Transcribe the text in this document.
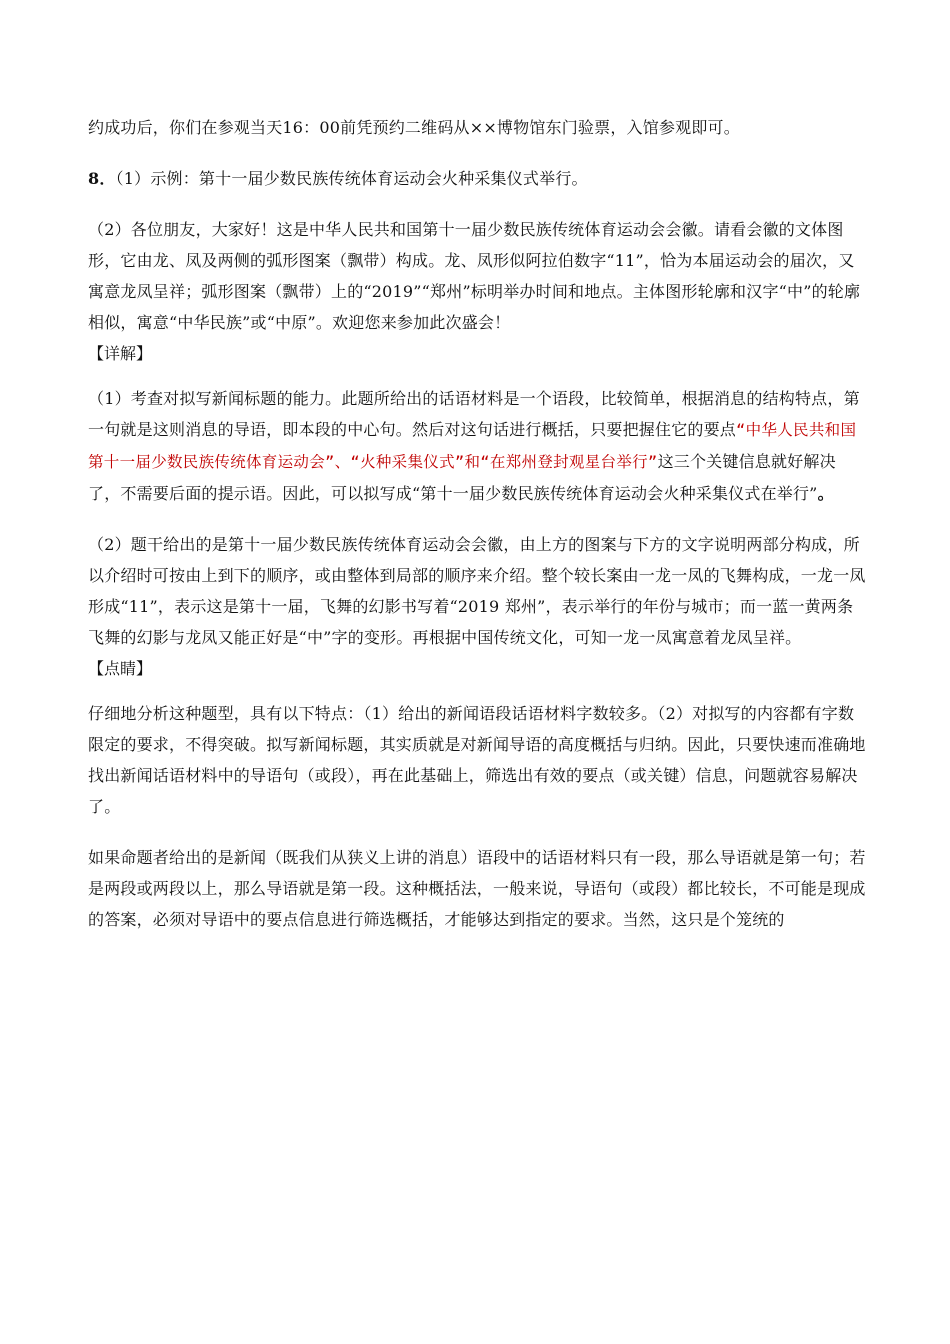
约成功后，你们在参观当天16：00前凭预约二维码从××博物馆东门验票，入馆参观即可。

8．（1）示例：第十一届少数民族传统体育运动会火种采集仪式举行。

（2）各位朋友，大家好！这是中华人民共和国第十一届少数民族传统体育运动会会徽。请看会徽的文体图形，它由龙、凤及两侧的弧形图案（飘带）构成。龙、凤形似阿拉伯数字“11”，恰为本届运动会的届次，又寓意龙凤呈祥；弧形图案（飘带）上的“2019”“郑州”标明举办时间和地点。主体图形轮廓和汉字“中”的轮廓相似，寓意“中华民族”或“中原”。欢迎您来参加此次盛会！

【详解】

（1）考查对拟写新闻标题的能力。此题所给出的话语材料是一个语段，比较简单，根据消息的结构特点，第一句就是这则消息的导语，即本段的中心句。然后对这句话进行概括，只要把握住它的要点“中华人民共和国第十一届少数民族传统体育运动会”、“火种采集仪式”和“在郑州登封观星台举行”这三个关键信息就好解决了，不需要后面的提示语。因此，可以拟写成“第十一届少数民族传统体育运动会火种采集仪式在举行”。

（2）题干给出的是第十一届少数民族传统体育运动会会徽，由上方的图案与下方的文字说明两部分构成，所以介绍时可按由上到下的顺序，或由整体到局部的顺序来介绍。整个较长案由一龙一凤的飞舞构成，一龙一凤形成“11”，表示这是第十一届，飞舞的幻影书写着“2019 郑州”，表示举行的年份与城市；而一蓝一黄两条飞舞的幻影与龙凤又能正好是“中”字的变形。再根据中国传统文化，可知一龙一凤寓意着龙凤呈祥。

【点睛】

仔细地分析这种题型，具有以下特点：（1）给出的新闻语段话语材料字数较多。（2）对拟写的内容都有字数限定的要求，不得突破。拟写新闻标题，其实质就是对新闻导语的高度概括与归纳。因此，只要快速而准确地找出新闻话语材料中的导语句（或段），再在此基础上，筛选出有效的要点（或关键）信息，问题就容易解决了。

如果命题者给出的是新闻（既我们从狭义上讲的消息）语段中的话语材料只有一段，那么导语就是第一句；若是两段或两段以上，那么导语就是第一段。这种概括法，一般来说，导语句（或段）都比较长，不可能是现成的答案，必须对导语中的要点信息进行筛选概括，才能够达到指定的要求。当然，这只是个笼统的
